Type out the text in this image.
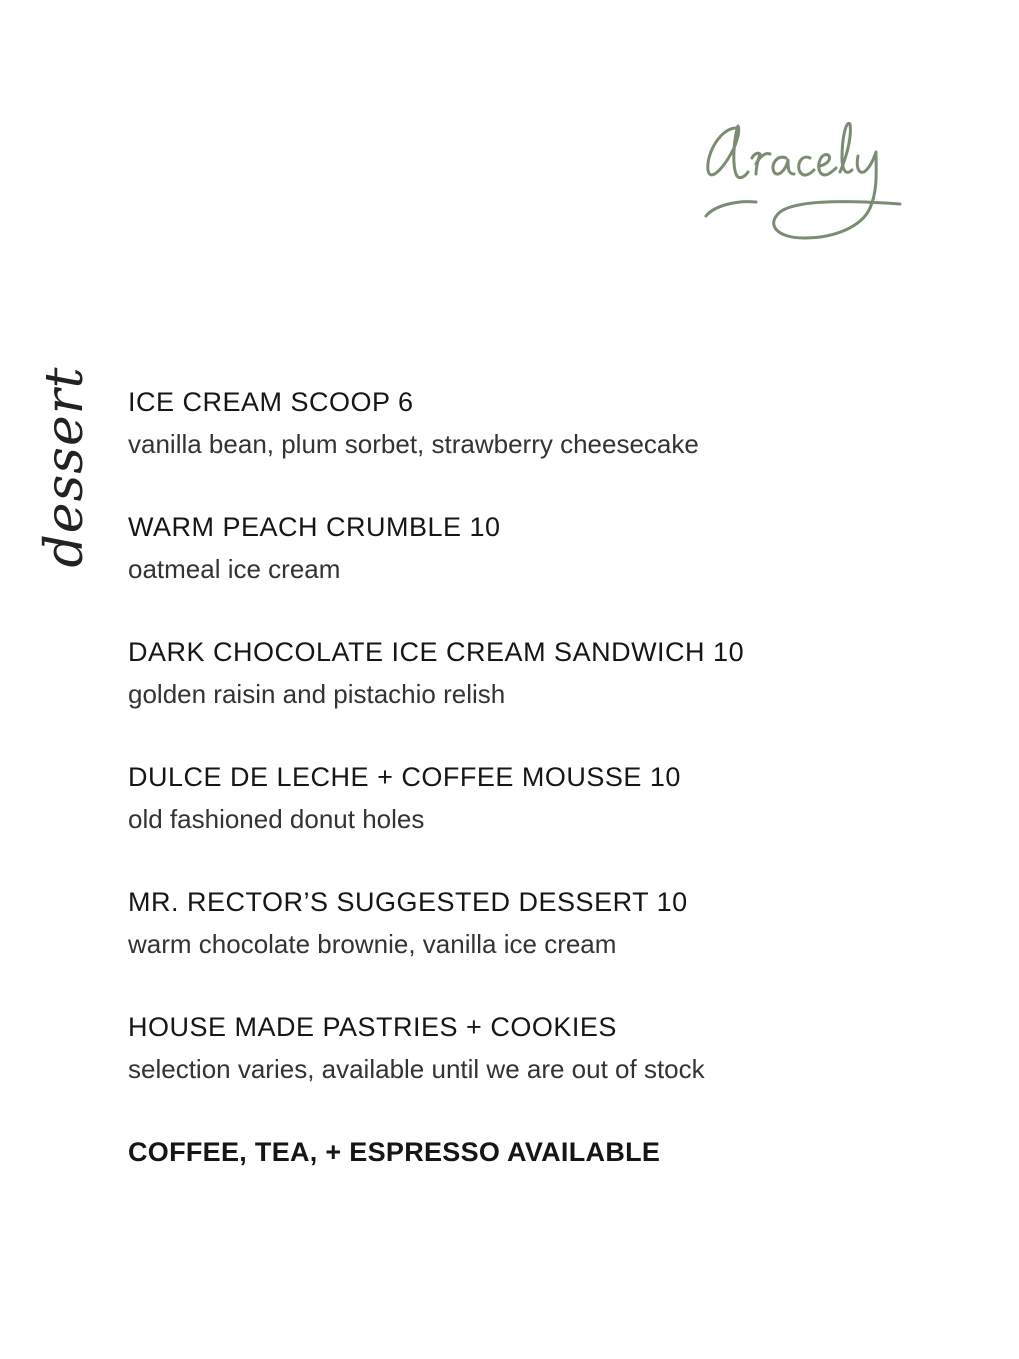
dessert ICE CREAM SCOOP 6
vanilla bean, plum sorbet, strawberry cheesecake
WARM PEACH CRUMBLE 10
oatmeal ice cream
DARK CHOCOLATE ICE CREAM SANDWICH 10
golden raisin and pistachio relish
DULCE DE LECHE + COFFEE MOUSSE 10
old fashioned donut holes
MR. RECTOR’S SUGGESTED DESSERT 10
warm chocolate brownie, vanilla ice cream
HOUSE MADE PASTRIES + COOKIES
selection varies, available until we are out of stock
COFFEE, TEA, + ESPRESSO AVAILABLE
